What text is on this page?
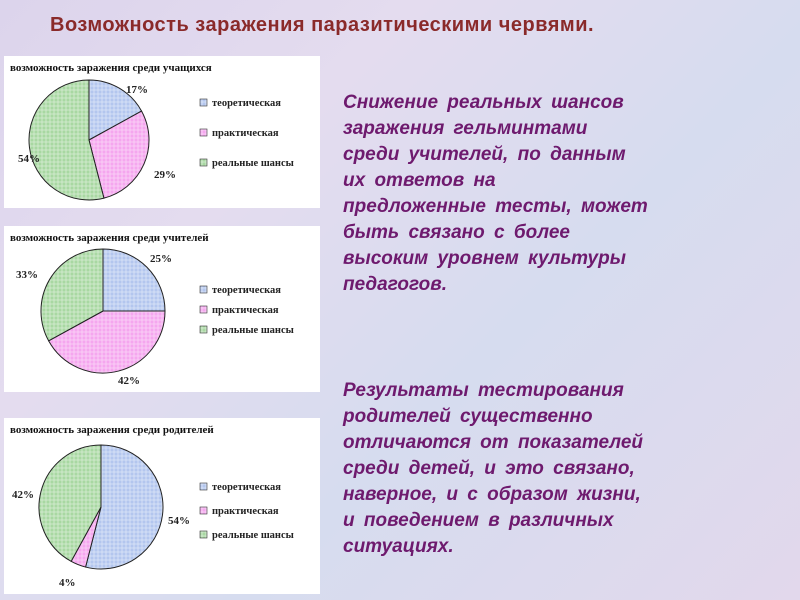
Возможность заражения паразитическими червями.
возможность заражения среди учащихся
17%
29%
54%
теоретическая
практическая
реальные шансы
возможность заражения среди учителей
25%
42%
33%
теоретическая
практическая
реальные шансы
возможность заражения среди родителей
54%
4%
42%
теоретическая
практическая
реальные шансы

Снижение реальных шансов

заражения гельминтами

среди учителей, по данным

их ответов на

предложенные тесты, может

быть связано с более

высоким уровнем культуры

педагогов.

Результаты тестирования

родителей существенно

отличаются от показателей

среди детей, и это связано,

наверное, и с образом жизни,

и поведением в различных

ситуациях.
